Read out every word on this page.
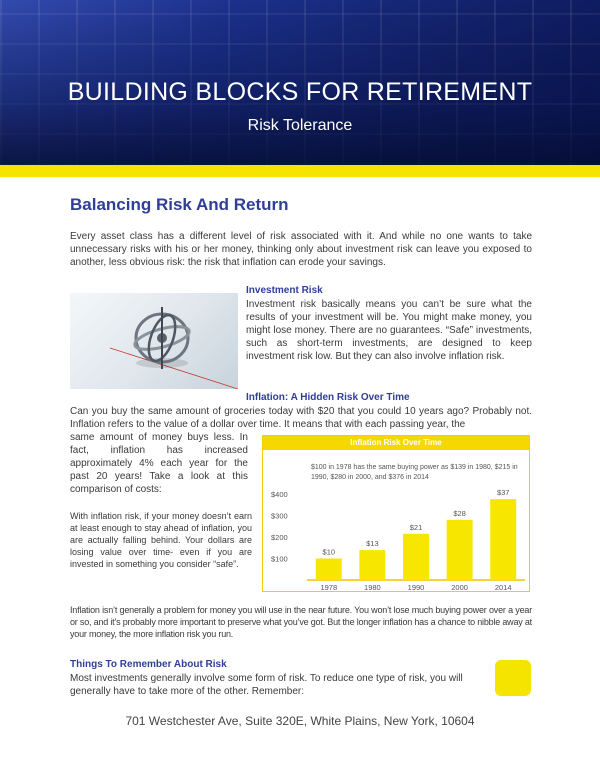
BUILDING BLOCKS FOR RETIREMENT
Risk Tolerance
Balancing Risk And Return

Every asset class has a different level of risk associated with it. And while no one wants to take unnecessary risks with his or her money, thinking only about investment risk can leave you exposed to another, less obvious risk: the risk that inflation can erode your savings.

Investment Risk

Investment risk basically means you can’t be sure what the results of your investment will be. You might make money, you might lose money. There are no guarantees. “Safe” investments, such as short-term investments, are designed to keep investment risk low. But they can also involve inflation risk.

Inflation: A Hidden Risk Over Time

Can you buy the same amount of groceries today with $20 that you could 10 years ago? Probably not. Inflation refers to the value of a dollar over time. It means that with each passing year, the

same amount of money buys less. In fact, inflation has increased approximately 4% each year for the past 20 years! Take a look at this comparison of costs:

With inflation risk, if your money doesn’t earn at least enough to stay ahead of inflation, you are actually falling behind. Your dollars are losing value over time- even if you are invested in something you consider “safe”.

Inflation Risk Over Time
$100 in 1978 has the same buying power as $139 in 1980, $215 in 1990, $280 in 2000, and $376 in 2014
$100
$200
$300
$400
$10
1978
$13
1980
$21
1990
$28
2000
$37
2014

Inflation isn’t generally a problem for money you will use in the near future. You won’t lose much buying power over a year or so, and it’s probably more important to preserve what you’ve got. But the longer inflation has a chance to nibble away at your money, the more inflation risk you run.

Things To Remember About Risk

Most investments generally involve some form of risk. To reduce one type of risk, you will generally have to take more of the other. Remember:

701 Westchester Ave, Suite 320E, White Plains, New York, 10604
